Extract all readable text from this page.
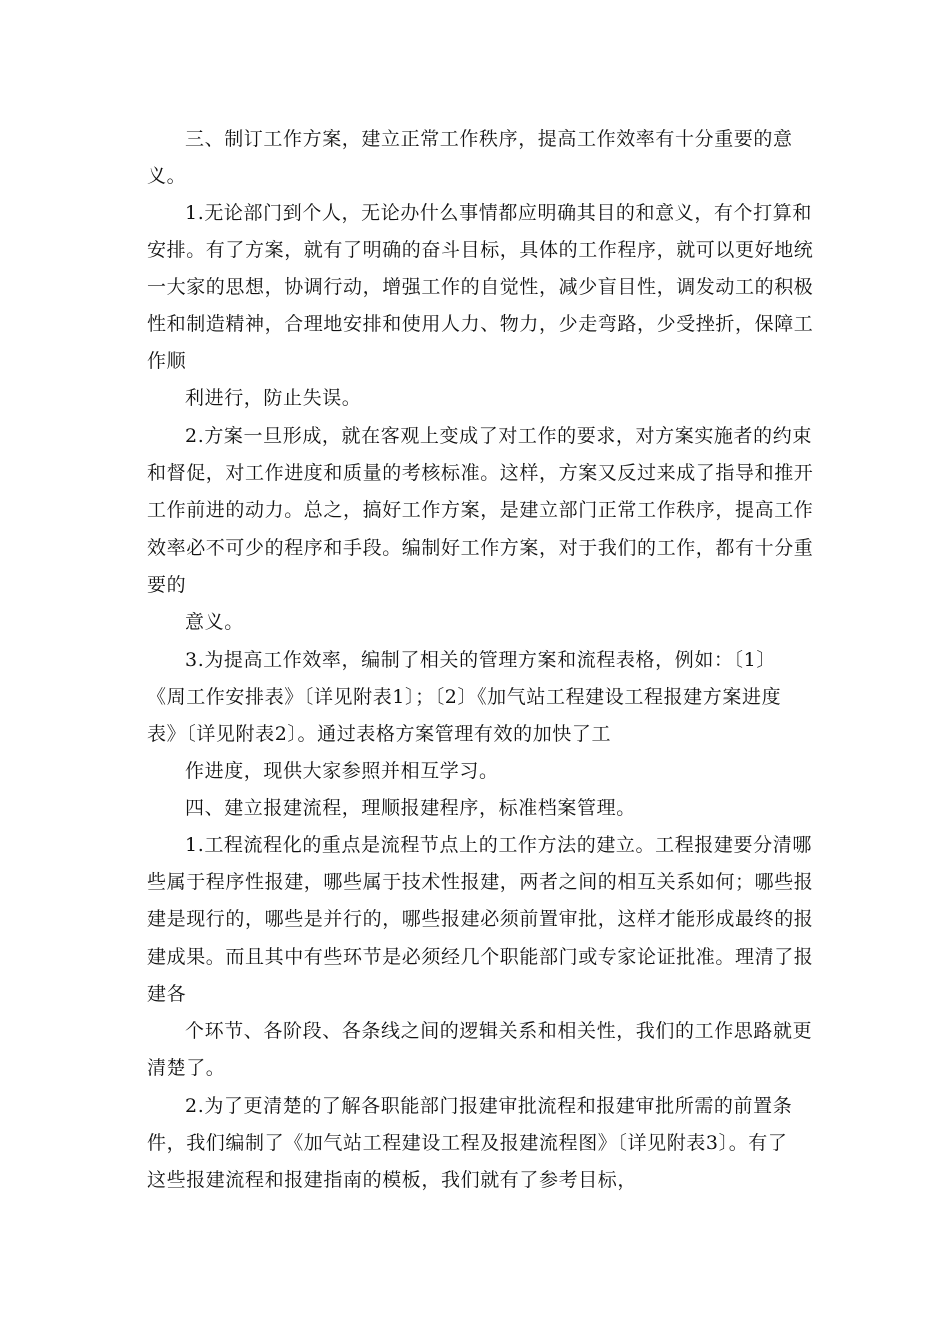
三、制订工作方案，建立正常工作秩序，提高工作效率有十分重要的意
义。
1.无论部门到个人，无论办什么事情都应明确其目的和意义，有个打算和
安排。有了方案，就有了明确的奋斗目标，具体的工作程序，就可以更好地统
一大家的思想，协调行动，增强工作的自觉性，减少盲目性，调发动工的积极
性和制造精神，合理地安排和使用人力、物力，少走弯路，少受挫折，保障工
作顺
利进行，防止失误。
2.方案一旦形成，就在客观上变成了对工作的要求，对方案实施者的约束
和督促，对工作进度和质量的考核标准。这样，方案又反过来成了指导和推开
工作前进的动力。总之，搞好工作方案，是建立部门正常工作秩序，提高工作
效率必不可少的程序和手段。编制好工作方案，对于我们的工作，都有十分重
要的
意义。
3.为提高工作效率，编制了相关的管理方案和流程表格，例如：〔1〕
《周工作安排表》〔详见附表1〕；〔2〕《加气站工程建设工程报建方案进度
表》〔详见附表2〕。通过表格方案管理有效的加快了工
作进度，现供大家参照并相互学习。
四、建立报建流程，理顺报建程序，标准档案管理。
1.工程流程化的重点是流程节点上的工作方法的建立。工程报建要分清哪
些属于程序性报建，哪些属于技术性报建，两者之间的相互关系如何；哪些报
建是现行的，哪些是并行的，哪些报建必须前置审批，这样才能形成最终的报
建成果。而且其中有些环节是必须经几个职能部门或专家论证批准。理清了报
建各
个环节、各阶段、各条线之间的逻辑关系和相关性，我们的工作思路就更
清楚了。
2.为了更清楚的了解各职能部门报建审批流程和报建审批所需的前置条
件，我们编制了《加气站工程建设工程及报建流程图》〔详见附表3〕。有了
这些报建流程和报建指南的模板，我们就有了参考目标，
